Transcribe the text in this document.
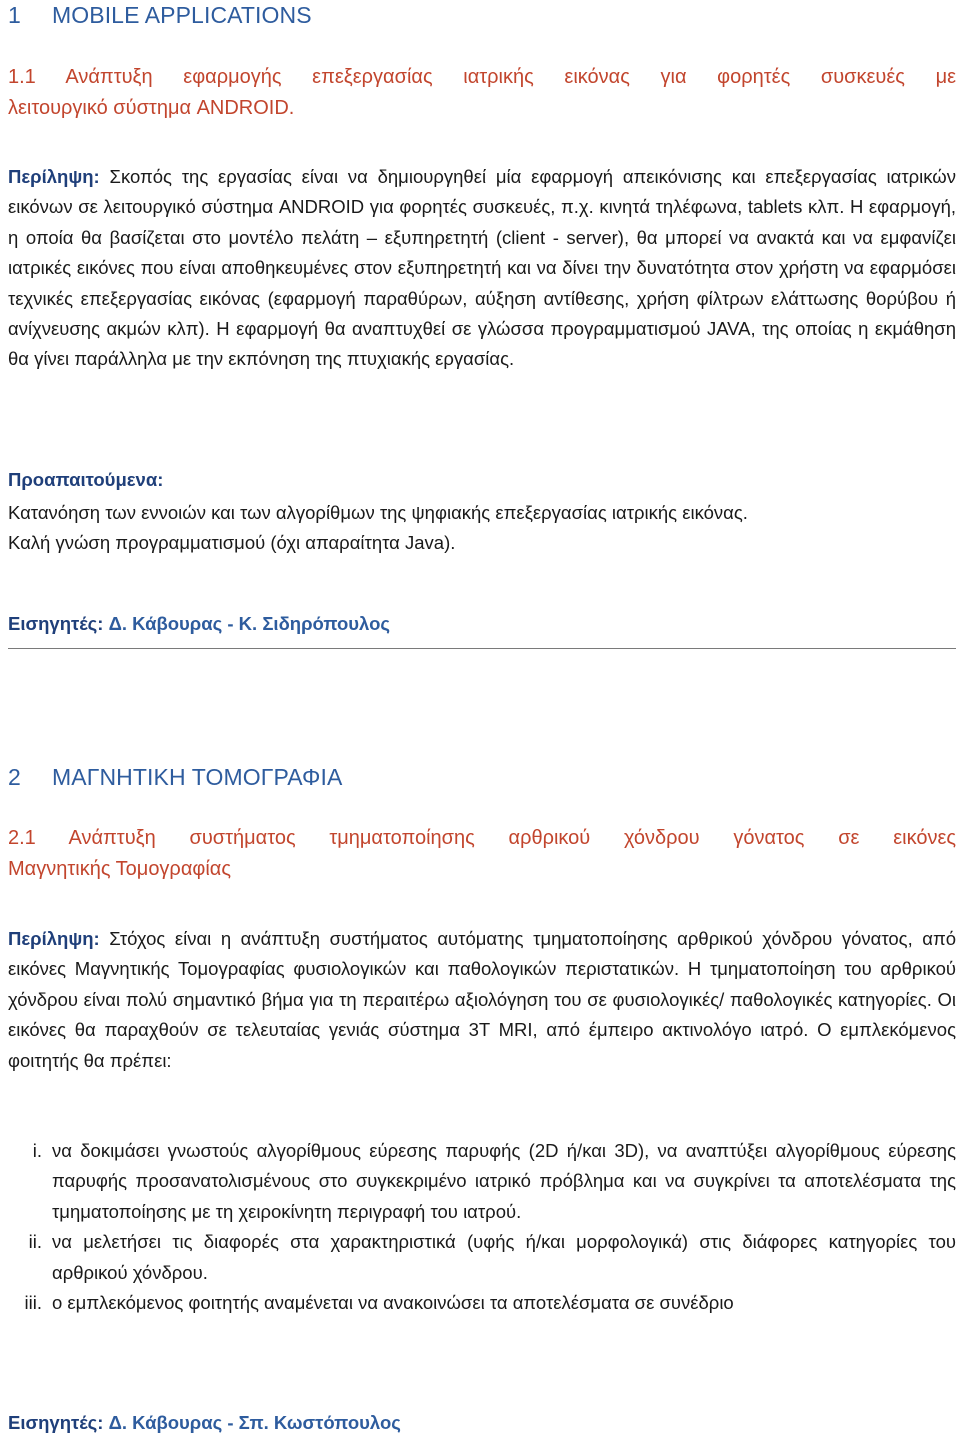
1 MOBILE APPLICATIONS
1.1 Ανάπτυξη εφαρμογής επεξεργασίας ιατρικής εικόνας για φορητές συσκευές με
λειτουργικό σύστημα ANDROID.
Περίληψη: Σκοπός της εργασίας είναι να δημιουργηθεί μία εφαρμογή απεικόνισης και επεξεργασίας ιατρικών εικόνων σε λειτουργικό σύστημα ANDROID για φορητές συσκευές, π.χ. κινητά τηλέφωνα, tablets κλπ. Η εφαρμογή, η οποία θα βασίζεται στο μοντέλο πελάτη – εξυπηρετητή (client - server), θα μπορεί να ανακτά και να εμφανίζει ιατρικές εικόνες που είναι αποθηκευμένες στον εξυπηρετητή και να δίνει την δυνατότητα στον χρήστη να εφαρμόσει τεχνικές επεξεργασίας εικόνας (εφαρμογή παραθύρων, αύξηση αντίθεσης, χρήση φίλτρων ελάττωσης θορύβου ή ανίχνευσης ακμών κλπ). Η εφαρμογή θα αναπτυχθεί σε γλώσσα προγραμματισμού JAVA, της οποίας η εκμάθηση θα γίνει παράλληλα με την εκπόνηση της πτυχιακής εργασίας.
Προαπαιτούμενα:
Κατανόηση των εννοιών και των αλγορίθμων της ψηφιακής επεξεργασίας ιατρικής εικόνας.
Καλή γνώση προγραμματισμού (όχι απαραίτητα Java).
Εισηγητές: Δ. Κάβουρας - Κ. Σιδηρόπουλος
2 ΜΑΓΝΗΤΙΚΗ ΤΟΜΟΓΡΑΦΙΑ
2.1 Ανάπτυξη συστήματος τμηματοποίησης αρθρικού χόνδρου γόνατος σε εικόνες
Μαγνητικής Τομογραφίας
Περίληψη: Στόχος είναι η ανάπτυξη συστήματος αυτόματης τμηματοποίησης αρθρικού χόνδρου γόνατος, από εικόνες Μαγνητικής Τομογραφίας φυσιολογικών και παθολογικών περιστατικών. Η τμηματοποίηση του αρθρικού χόνδρου είναι πολύ σημαντικό βήμα για τη περαιτέρω αξιολόγηση του σε φυσιολογικές/ παθολογικές κατηγορίες. Οι εικόνες θα παραχθούν σε τελευταίας γενιάς σύστημα 3T MRI, από έμπειρο ακτινολόγο ιατρό. Ο εμπλεκόμενος φοιτητής θα πρέπει:
i. να δοκιμάσει γνωστούς αλγορίθμους εύρεσης παρυφής (2D ή/και 3D), να αναπτύξει αλγορίθμους εύρεσης παρυφής προσανατολισμένους στο συγκεκριμένο ιατρικό πρόβλημα και να συγκρίνει τα αποτελέσματα της τμηματοποίησης με τη χειροκίνητη περιγραφή του ιατρού.
ii. να μελετήσει τις διαφορές στα χαρακτηριστικά (υφής ή/και μορφολογικά) στις διάφορες κατηγορίες του αρθρικού χόνδρου.
iii. ο εμπλεκόμενος φοιτητής αναμένεται να ανακοινώσει τα αποτελέσματα σε συνέδριο
Εισηγητές: Δ. Κάβουρας - Σπ. Κωστόπουλος
